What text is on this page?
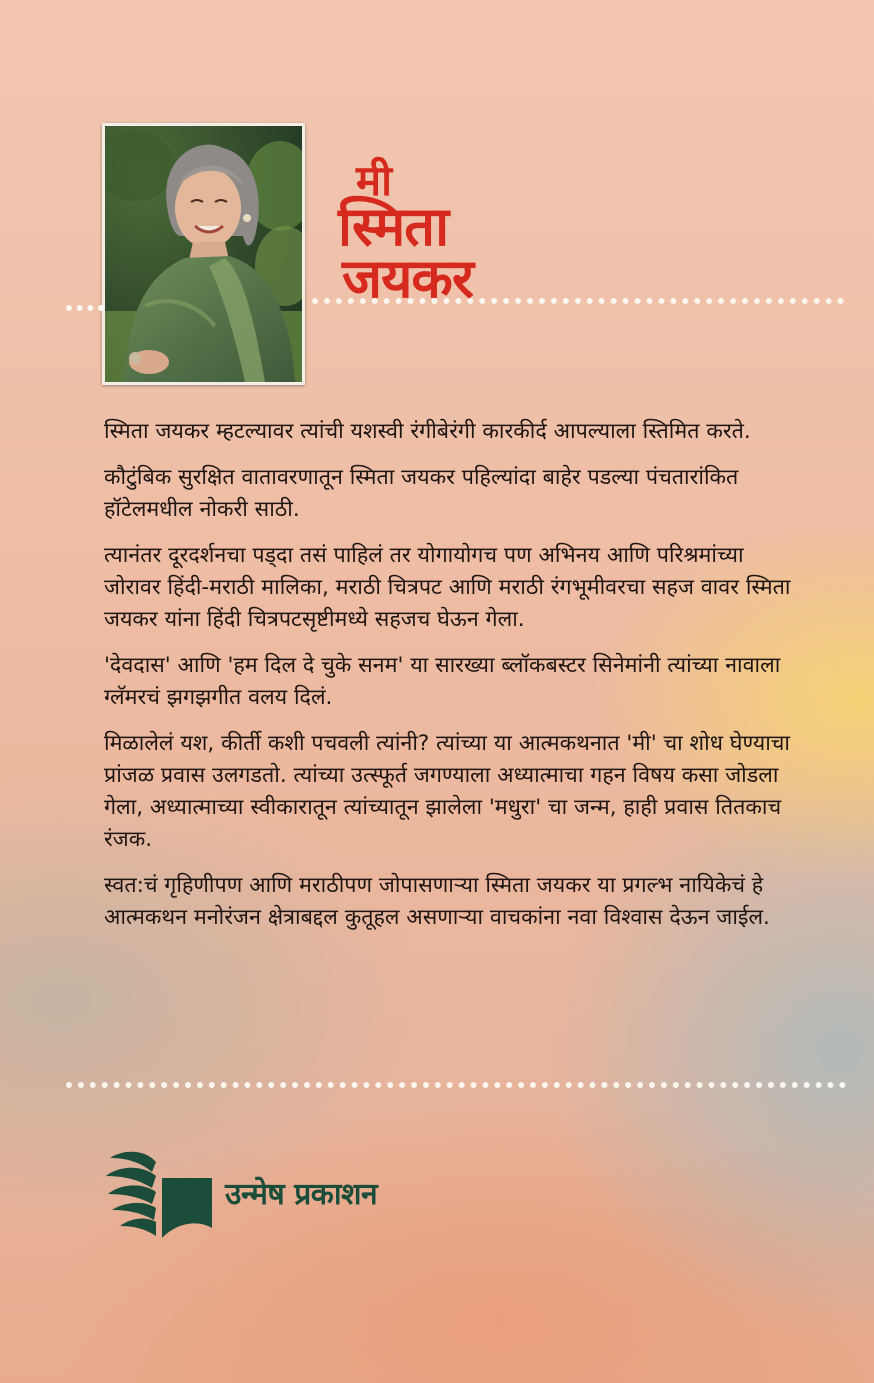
मी
स्मिता
जयकर

स्मिता जयकर म्हटल्यावर त्यांची यशस्वी रंगीबेरंगी कारकीर्द आपल्याला स्तिमित करते.

कौटुंबिक सुरक्षित वातावरणातून स्मिता जयकर पहिल्यांदा बाहेर पडल्या पंचतारांकित हॉटेलमधील नोकरी साठी.

त्यानंतर दूरदर्शनचा पड्दा तसं पाहिलं तर योगायोगच पण अभिनय आणि परिश्रमांच्या जोरावर हिंदी-मराठी मालिका, मराठी चित्रपट आणि मराठी रंगभूमीवरचा सहज वावर स्मिता जयकर यांना हिंदी चित्रपटसृष्टीमध्ये सहजच घेऊन गेला.

'देवदास' आणि 'हम दिल दे चुके सनम' या सारख्या ब्लॉकबस्टर सिनेमांनी त्यांच्या नावाला ग्लॅमरचं झगझगीत वलय दिलं.

मिळालेलं यश, कीर्ती कशी पचवली त्यांनी? त्यांच्या या आत्मकथनात 'मी' चा शोध घेण्याचा प्रांजळ प्रवास उलगडतो. त्यांच्या उत्स्फूर्त जगण्याला अध्यात्माचा गहन विषय कसा जोडला गेला, अध्यात्माच्या स्वीकारातून त्यांच्यातून झालेला 'मधुरा' चा जन्म, हाही प्रवास तितकाच रंजक.

स्वत:चं गृहिणीपण आणि मराठीपण जोपासणाऱ्या स्मिता जयकर या प्रगल्भ नायिकेचं हे आत्मकथन मनोरंजन क्षेत्राबद्दल कुतूहल असणाऱ्या वाचकांना नवा विश्वास देऊन जाईल.

उन्मेष प्रकाशन
